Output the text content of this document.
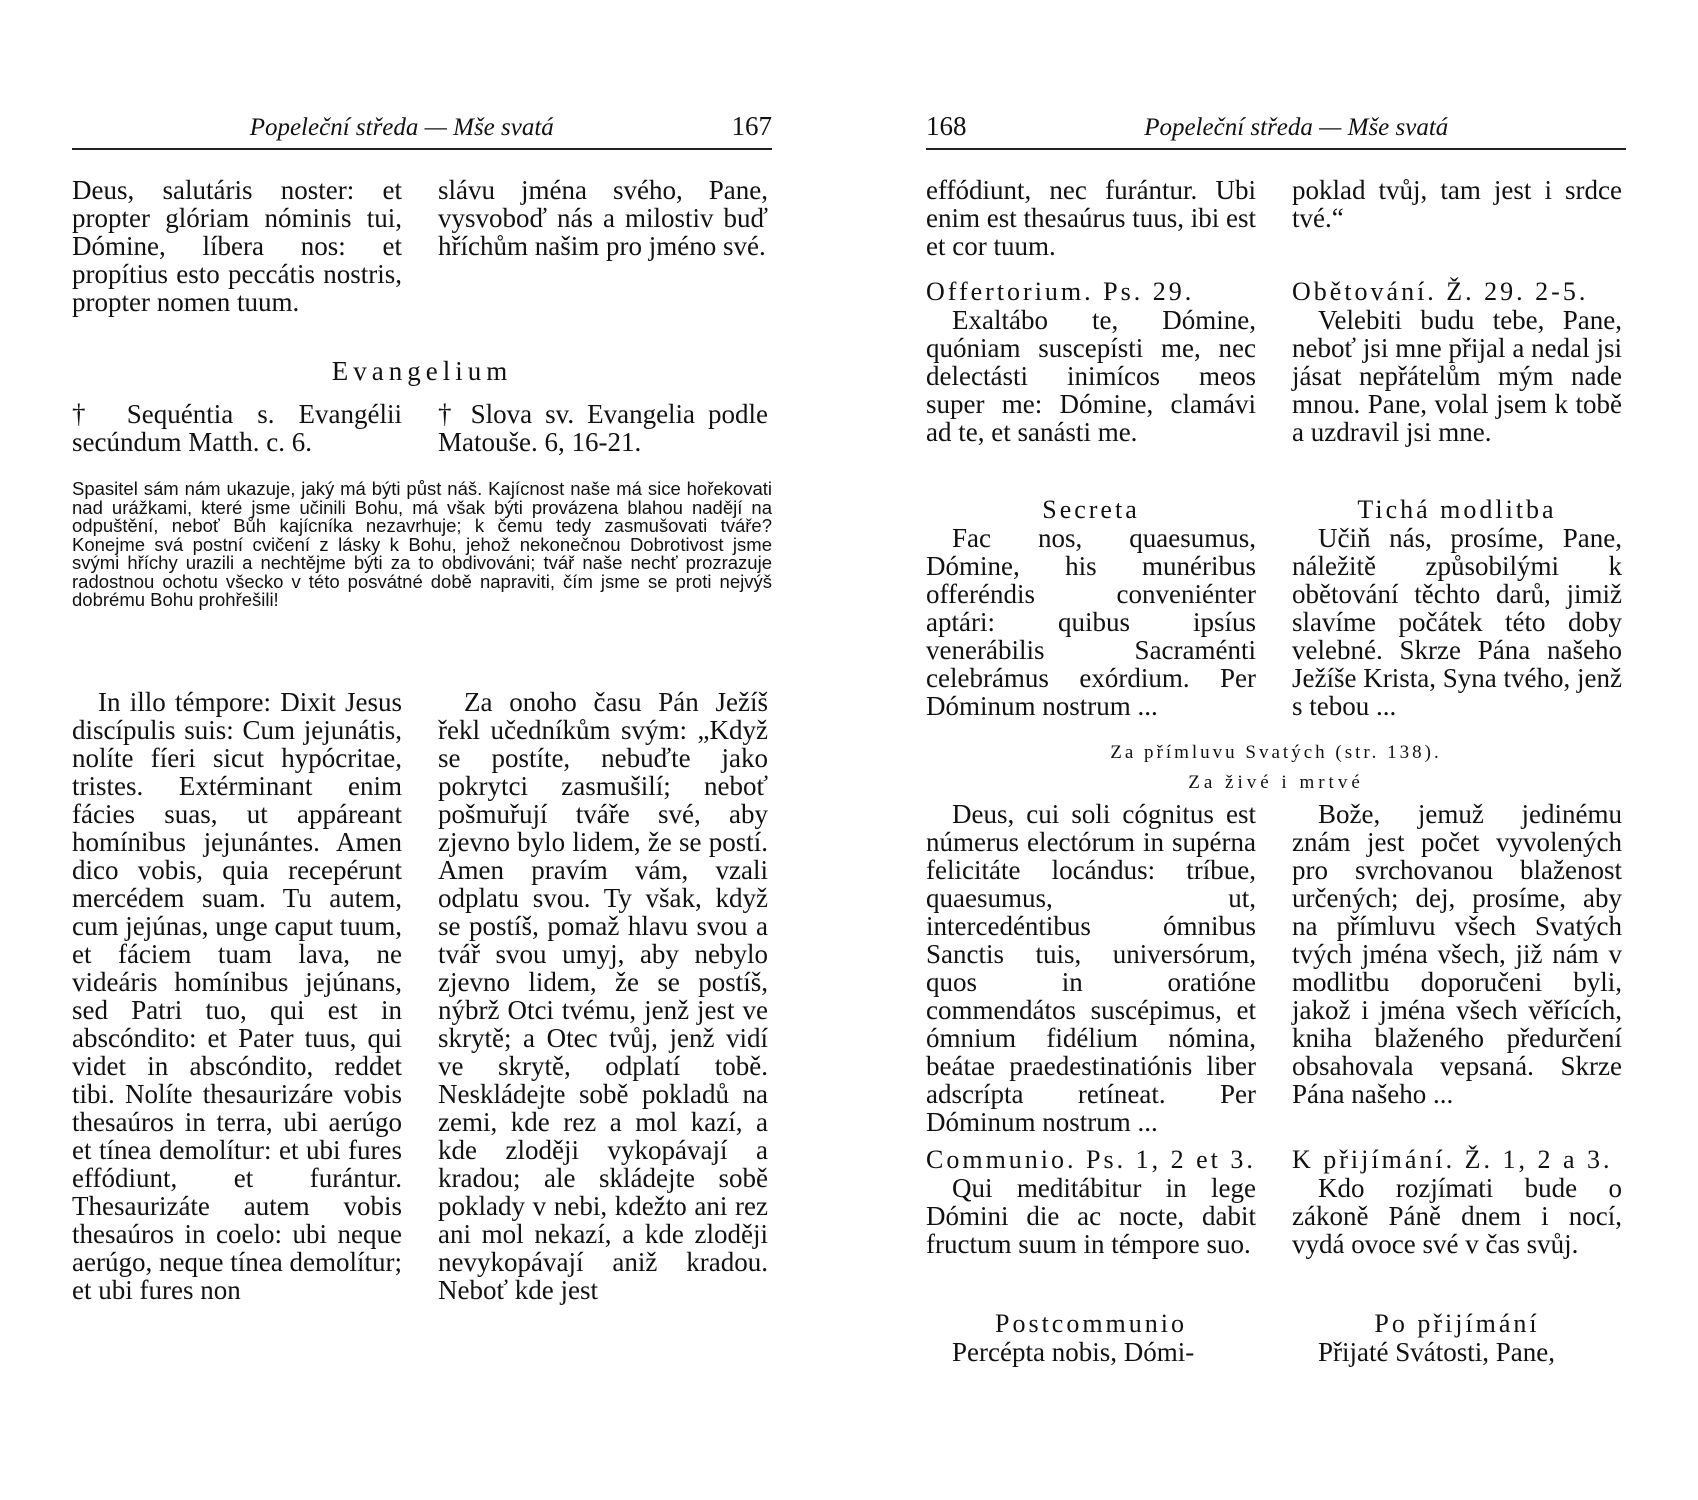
Popeleční středa — Mše svatá	167
Deus, salutáris noster: et propter glóriam nóminis tui, Dómine, líbera nos: et propítius esto peccátis nostris, propter nomen tuum.
slávu jména svého, Pane, vysvoboď nás a milostiv buď hříchům našim pro jméno své.
Evangelium
† Sequéntia s. Evangélii secúndum Matth. c. 6.
† Slova sv. Evangelia podle Matouše. 6, 16-21.
Spasitel sám nám ukazuje, jaký má býti půst náš. Kajícnost naše má sice hořekovati nad urážkami, které jsme učinili Bohu, má však býti provázena blahou nadějí na odpuštění, neboť Bůh kajícníka nezavrhuje; k čemu tedy zasmušovati tváře? Konejme svá postní cvičení z lásky k Bohu, jehož nekonečnou Dobrotivost jsme svými hříchy urazili a nechtějme býti za to obdivováni; tvář naše nechť prozrazuje radostnou ochotu všecko v této posvátné době napraviti, čím jsme se proti nejvýš dobrému Bohu prohřešili!
In illo témpore: Dixit Jesus discípulis suis: Cum jejunátis, nolíte fíeri sicut hypócritae, tristes. Extérminant enim fácies suas, ut appáreant homínibus jejunántes. Amen dico vobis, quia recepérunt mercédem suam. Tu autem, cum jejúnas, unge caput tuum, et fáciem tuam lava, ne videáris homínibus jejúnans, sed Patri tuo, qui est in abscóndito: et Pater tuus, qui videt in abscóndito, reddet tibi. Nolíte thesaurizáre vobis thesaúros in terra, ubi aerúgo et tínea demolítur: et ubi fures effódiunt, et furántur. Thesaurizáte autem vobis thesaúros in coelo: ubi neque aerúgo, neque tínea demolítur; et ubi fures non
Za onoho času Pán Ježíš řekl učedníkům svým: „Když se postíte, nebuďte jako pokrytci zasmušilí; neboť pošmuřují tváře své, aby zjevno bylo lidem, že se postí. Amen pravím vám, vzali odplatu svou. Ty však, když se postíš, pomaž hlavu svou a tvář svou umyj, aby nebylo zjevno lidem, že se postíš, nýbrž Otci tvému, jenž jest ve skrytě; a Otec tvůj, jenž vidí ve skrytě, odplatí tobě. Neskládejte sobě pokladů na zemi, kde rez a mol kazí, a kde zloději vykopávají a kradou; ale skládejte sobě poklady v nebi, kdežto ani rez ani mol nekazí, a kde zloději nevykopávají aniž kradou. Neboť kde jest
168	Popeleční středa — Mše svatá
effódiunt, nec furántur. Ubi enim est thesaúrus tuus, ibi est et cor tuum.
poklad tvůj, tam jest i srdce tvé.“
Offertorium. Ps. 29.
Exaltábo te, Dómine, quóniam suscepísti me, nec delectásti inimícos meos super me: Dómine, clamávi ad te, et sanásti me.
Obětování. Ž. 29. 2-5.
Velebiti budu tebe, Pane, neboť jsi mne přijal a nedal jsi jásat nepřátelům mým nade mnou. Pane, volal jsem k tobě a uzdravil jsi mne.
Secreta
Fac nos, quaesumus, Dómine, his munéribus offeréndis conveniénter aptári: quibus ipsíus venerábilis Sacraménti celebrámus exórdium. Per Dóminum nostrum ...
Tichá modlitba
Učiň nás, prosíme, Pane, náležitě způsobilými k obětování těchto darů, jimiž slavíme počátek této doby velebné. Skrze Pána našeho Ježíše Krista, Syna tvého, jenž s tebou ...
Za přímluvu Svatých (str. 138).
Za živé i mrtvé
Deus, cui soli cógnitus est númerus electórum in supérna felicitáte locándus: tríbue, quaesumus, ut, intercedéntibus ómnibus Sanctis tuis, universórum, quos in oratióne commendátos suscépimus, et ómnium fidélium nómina, beátae praedestinatiónis liber adscrípta retíneat. Per Dóminum nostrum ...
Bože, jemuž jedinému znám jest počet vyvolených pro svrchovanou blaženost určených; dej, prosíme, aby na přímluvu všech Svatých tvých jména všech, již nám v modlitbu doporučeni byli, jakož i jména všech věřících, kniha blaženého předurčení obsahovala vepsaná. Skrze Pána našeho ...
Communio. Ps. 1, 2 et 3.
Qui meditábitur in lege Dómini die ac nocte, dabit fructum suum in témpore suo.
K přijímání. Ž. 1, 2 a 3.
Kdo rozjímati bude o zákoně Páně dnem i nocí, vydá ovoce své v čas svůj.
Postcommunio
Percépta nobis, Dómi-
Po přijímání
Přijaté Svátosti, Pane,
